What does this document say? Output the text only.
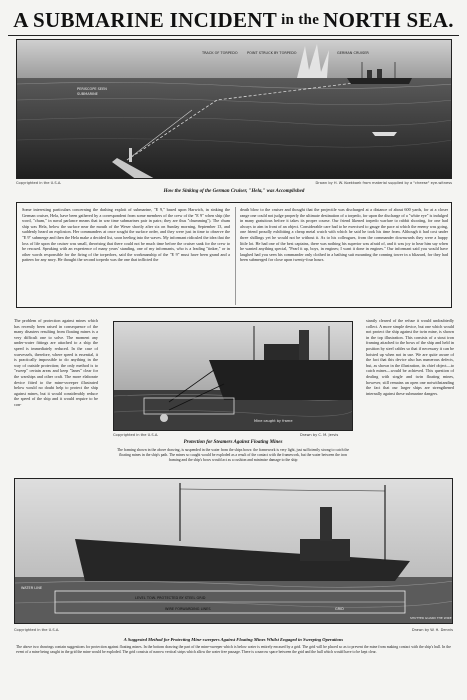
A SUBMARINE INCIDENT in the NORTH SEA.
PERISCOPE SEEN
SUBMARINE
TRACK OF TORPEDO	POINT STRUCK BY TORPEDO	GERMAN CRUISER
Copyrighted in the U.S.A.	Drawn by H. W. Koekkoek from material supplied by a "cheese" eye-witness
How the Sinking of the German Cruiser, "Hela," was Accomplished
Some interesting particulars concerning the dashing exploit of submarine, "E 9," based upon Harwich, in sinking the German cruiser, Hela, have been gathered by a correspondent from some members of the crew of the "E 9" when ship (the word, "chum," in naval parlance means that in war time submarines pair in pairs; they are thus "chumming"). The chum ship was Hela, below the surface near the mouth of the Weser shortly after six on Sunday morning, September 13, and suddenly heard an explosion. Her commanders at once sought the surface order, and they were just in time to observe the "E 9" submerge and then the Hela make a decided list, soon heeling into the waves. My informant ridiculed the idea that the loss of life upon the cruiser was small, theorising that there could not be much time before the cruiser sank for the crew to be rescued. Speaking with an experience of many years' standing, one of my informants, who is a leading "tinker," or in other words responsible for the firing of the torpedoes, said the workmanship of the "E 9" must have been grand and a pattern for any navy. He thought the second torpedo was the one that inflicted the
death blow to the cruiser and thought that the projectile was discharged at a distance of about 600 yards, for at a closer range one could not judge properly the ultimate destination of a torpedo, for upon the discharge of a "white eye" is indulged in many gratuitous before it takes its proper course. Our friend likened torpedo warfare to rabbit shooting, for one had always to aim in front of an object. Considerable care had to be exercised to gauge the pace at which the enemy was going, one friend proudly exhibiting a cheap metal watch with which he said he took his time from. Although it had cost under three shillings yet he would not be without it. As to his colleagues, from the commander downwards they were a happy little lot. He had one of the best captains, there was nothing his superior was afraid of, and it was joy to hear him say when he wanted anything special, "Pearl it up, boys, in engines; I want it done in engines." Our informant said you would have laughed had you seen his commander only clothed in a bathing suit mounting the conning tower in a blizzard, for they had been submerged for close upon twenty-four hours.
The problem of protection against mines which has recently been raised in consequence of the many disasters resulting from floating mines is a very difficult one to solve. The moment any under-water fittings are attached to a ship the speed is immediately reduced. In the case of warvessels, therefore, where speed is essential, it is practically impossible to do anything in the way of outside protection; the only method is to "sweep" certain areas and keep "lanes" clear for the warships and other craft. The more elaborate device fitted to the mine-sweeper illustrated below would no doubt help to protect the ship against mines, but it would considerably reduce the speed of the ship and it would require to be con-
Mine caught by frame
Copyrighted in the U.S.A.	Drawn by C. M. Jervis
Protection for Steamers Against Floating Mines
The framing shown in the above drawing, is suspended in the water from the ships bows: the framework is very light, just sufficiently strong to catch the floating mines in the ship's path. The mines so caught would be exploded as a result of the contact with the framework, but the water between the iron framing and the ship's bows would act as a cushion and minimise damage to the ship
stantly cleared of the refuse it would undoubtedly collect. A more simple device, but one which would not protect the ship against the twin mine, is shown in the top illustration. This consists of a stout iron framing attached to the bows of the ship and held in position by steel cables so that if necessary it can be hoisted up when not in use. We are quite aware of the fact that this device also has numerous defects, but, as shown in the illustration, its chief object—to catch mines—would be achieved. This question of dealing with single and twin floating mines, however, still remains an open one notwithstanding the fact that our larger ships are strengthened internally against these submarine dangers.
WATER LINE
LEVEL TOW. PROTECTED BY STEEL GRID
WIRE FORWARDING LINES	GRID
SHUTTER GUARD THE WIRE
Copyrighted in the U.S.A.	Drawn by W. H. Dennis
A Suggested Method for Protecting Mine-sweepers Against Floating Mines Whilst Engaged in Sweeping Operations
The above two drawings contain suggestions for protection against floating mines. In the bottom drawing the part of the mine-sweeper which is below water is entirely encased by a grid. The grid will be placed so as to prevent the mine from making contact with the ship's hull. In the event of a mine being caught in the grid the mine would be exploded. The grid consists of narrow vertical strips which allow the water free passage. There is a narrow space between the grid and the hull which would have to be kept clear.
